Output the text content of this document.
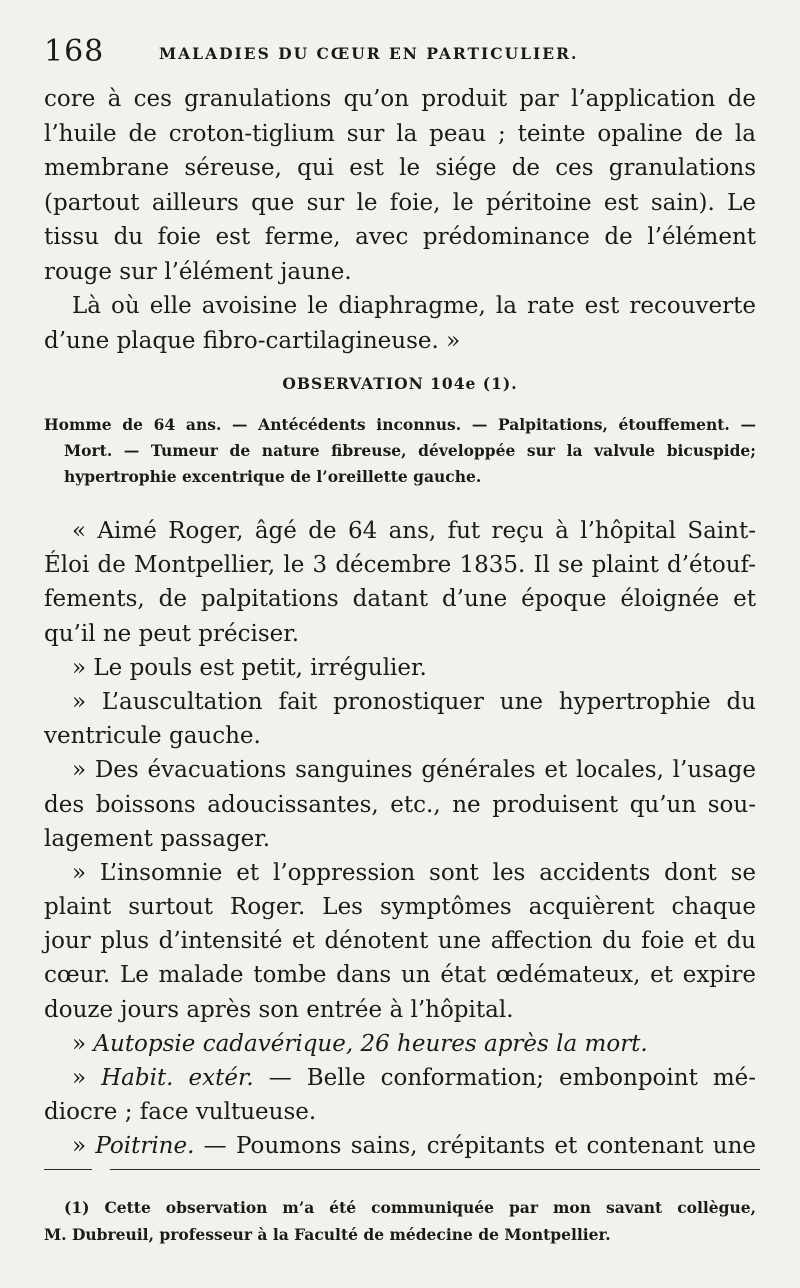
168	MALADIES DU CŒUR EN PARTICULIER.
core à ces granulations qu’on produit par l’application de
l’huile de croton-tiglium sur la peau ; teinte opaline de la
membrane séreuse, qui est le siége de ces granulations
(partout ailleurs que sur le foie, le péritoine est sain). Le
tissu du foie est ferme, avec prédominance de l’élément
rouge sur l’élément jaune.
Là où elle avoisine le diaphragme, la rate est recouverte
d’une plaque fibro-cartilagineuse. »
OBSERVATION 104e (1).
Homme de 64 ans. — Antécédents inconnus. — Palpitations, étouffement. —
Mort. — Tumeur de nature fibreuse, développée sur la valvule bicuspide;
hypertrophie excentrique de l’oreillette gauche.
« Aimé Roger, âgé de 64 ans, fut reçu à l’hôpital Saint-
Éloi de Montpellier, le 3 décembre 1835. Il se plaint d’étouf-
fements, de palpitations datant d’une époque éloignée et
qu’il ne peut préciser.
» Le pouls est petit, irrégulier.
» L’auscultation fait pronostiquer une hypertrophie du
ventricule gauche.
» Des évacuations sanguines générales et locales, l’usage
des boissons adoucissantes, etc., ne produisent qu’un sou-
lagement passager.
» L’insomnie et l’oppression sont les accidents dont se
plaint surtout Roger. Les symptômes acquièrent chaque
jour plus d’intensité et dénotent une affection du foie et du
cœur. Le malade tombe dans un état œdémateux, et expire
douze jours après son entrée à l’hôpital.
» Autopsie cadavérique, 26 heures après la mort.
» Habit. extér. — Belle conformation; embonpoint mé-
diocre ; face vultueuse.
» Poitrine. — Poumons sains, crépitants et contenant une
(1) Cette observation m’a été communiquée par mon savant collègue,
M. Dubreuil, professeur à la Faculté de médecine de Montpellier.
